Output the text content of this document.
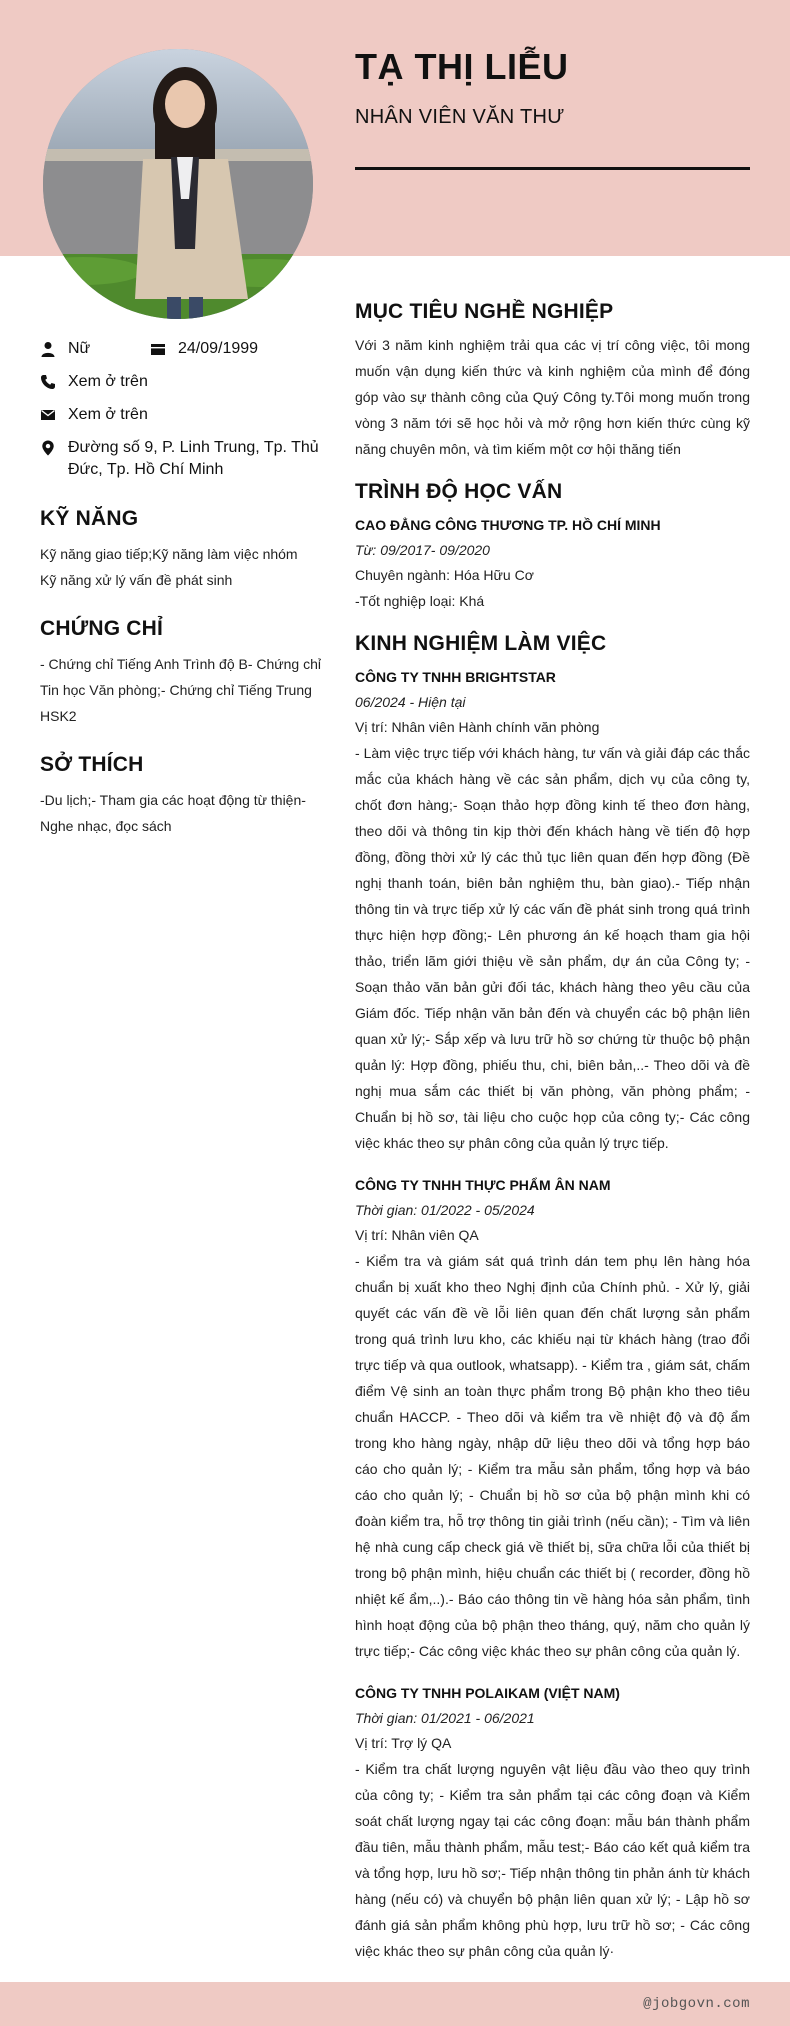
TẠ THỊ LIỄU
NHÂN VIÊN VĂN THƯ
Nữ	24/09/1999
Xem ở trên
Xem ở trên
Đường số 9, P. Linh Trung, Tp. Thủ Đức, Tp. Hồ Chí Minh
KỸ NĂNG

Kỹ năng giao tiếp;Kỹ năng làm việc nhóm

Kỹ năng xử lý vấn đề phát sinh

CHỨNG CHỈ

- Chứng chỉ Tiếng Anh Trình độ B- Chứng chỉ Tin học Văn phòng;- Chứng chỉ Tiếng Trung HSK2

SỞ THÍCH

-Du lịch;- Tham gia các hoạt động từ thiện-Nghe nhạc, đọc sách

MỤC TIÊU NGHỀ NGHIỆP

Với 3 năm kinh nghiệm trải qua các vị trí công việc, tôi mong muốn vận dụng kiến thức và kinh nghiệm của mình để đóng góp vào sự thành công của Quý Công ty.Tôi mong muốn trong vòng 3 năm tới sẽ học hỏi và mở rộng hơn kiến thức cùng kỹ năng chuyên môn, và tìm kiếm một cơ hội thăng tiến

TRÌNH ĐỘ HỌC VẤN

CAO ĐẲNG CÔNG THƯƠNG TP. HỒ CHÍ MINH

Từ: 09/2017- 09/2020

Chuyên ngành: Hóa Hữu Cơ

-Tốt nghiệp loại: Khá

KINH NGHIỆM LÀM VIỆC

CÔNG TY TNHH BRIGHTSTAR

06/2024 - Hiện tại

Vị trí: Nhân viên Hành chính văn phòng

- Làm việc trực tiếp với khách hàng, tư vấn và giải đáp các thắc mắc của khách hàng về các sản phẩm, dịch vụ của công ty, chốt đơn hàng;- Soạn thảo hợp đồng kinh tế theo đơn hàng, theo dõi và thông tin kịp thời đến khách hàng về tiến độ hợp đồng, đồng thời xử lý các thủ tục liên quan đến hợp đồng (Đề nghị thanh toán, biên bản nghiệm thu, bàn giao).- Tiếp nhận thông tin và trực tiếp xử lý các vấn đề phát sinh trong quá trình thực hiện hợp đồng;- Lên phương án kế hoạch tham gia hội thảo, triển lãm giới thiệu về sản phẩm, dự án của Công ty; - Soạn thảo văn bản gửi đối tác, khách hàng theo yêu cầu của Giám đốc. Tiếp nhận văn bản đến và chuyển các bộ phận liên quan xử lý;- Sắp xếp và lưu trữ hồ sơ chứng từ thuộc bộ phận quản lý: Hợp đồng, phiếu thu, chi, biên bản,..- Theo dõi và đề nghị mua sắm các thiết bị văn phòng, văn phòng phẩm; - Chuẩn bị hồ sơ, tài liệu cho cuộc họp của công ty;- Các công việc khác theo sự phân công của quản lý trực tiếp.

CÔNG TY TNHH THỰC PHẨM ÂN NAM

Thời gian: 01/2022 - 05/2024

Vị trí: Nhân viên QA

- Kiểm tra và giám sát quá trình dán tem phụ lên hàng hóa chuẩn bị xuất kho theo Nghị định của Chính phủ. - Xử lý, giải quyết các vấn đề về lỗi liên quan đến chất lượng sản phẩm trong quá trình lưu kho, các khiếu nại từ khách hàng (trao đổi trực tiếp và qua outlook, whatsapp). - Kiểm tra , giám sát, chấm điểm Vệ sinh an toàn thực phẩm trong Bộ phận kho theo tiêu chuẩn HACCP. - Theo dõi và kiểm tra về nhiệt độ và độ ẩm trong kho hàng ngày, nhập dữ liệu theo dõi và tổng hợp báo cáo cho quản lý; - Kiểm tra mẫu sản phẩm, tổng hợp và báo cáo cho quản lý; - Chuẩn bị hồ sơ của bộ phận mình khi có đoàn kiểm tra, hỗ trợ thông tin giải trình (nếu cần); - Tìm và liên hệ nhà cung cấp check giá về thiết bị, sữa chữa lỗi của thiết bị trong bộ phận mình, hiệu chuẩn các thiết bị ( recorder, đồng hồ nhiệt kế ẩm,..).- Báo cáo thông tin về hàng hóa sản phẩm, tình hình hoạt động của bộ phận theo tháng, quý, năm cho quản lý trực tiếp;- Các công việc khác theo sự phân công của quản lý.

CÔNG TY TNHH POLAIKAM (VIỆT NAM)

Thời gian: 01/2021 - 06/2021

Vị trí: Trợ lý QA

- Kiểm tra chất lượng nguyên vật liệu đầu vào theo quy trình của công ty; - Kiểm tra sản phẩm tại các công đoạn và Kiểm soát chất lượng ngay tại các công đoạn: mẫu bán thành phẩm đầu tiên, mẫu thành phẩm, mẫu test;- Báo cáo kết quả kiểm tra và tổng hợp, lưu hồ sơ;- Tiếp nhận thông tin phản ánh từ khách hàng (nếu có) và chuyển bộ phận liên quan xử lý; - Lập hồ sơ đánh giá sản phẩm không phù hợp, lưu trữ hồ sơ; - Các công việc khác theo sự phân công của quản lý·

@jobgovn.com
